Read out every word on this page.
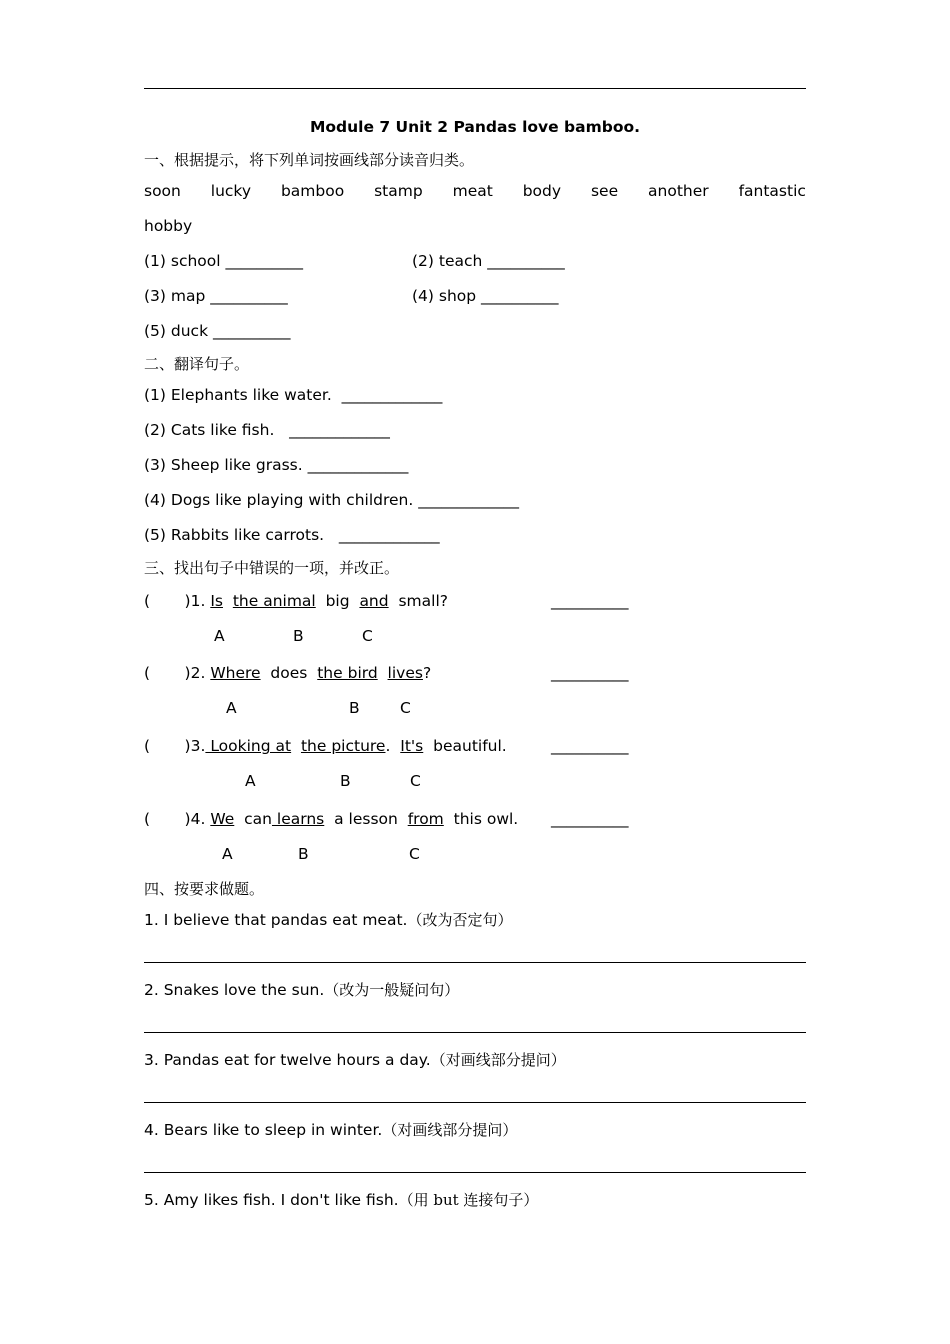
Module 7 Unit 2 Pandas love bamboo.
一、根据提示，将下列单词按画线部分读音归类。
soon lucky bamboo stamp meat body see another fantastic
hobby
(1) school __________	(2) teach __________
(3) map __________	(4) shop __________
(5) duck __________
二、翻译句子。
(1) Elephants like water.  _____________
(2) Cats like fish.   _____________
(3) Sheep like grass. _____________
(4) Dogs like playing with children. _____________
(5) Rabbits like carrots.   _____________
三、找出句子中错误的一项，并改正。
(       )1. Is the animal  big  and  small?	__________
A	B	C
(       )2. Where  does  the bird lives?	__________
A	B	C
(       )3. Looking at the picture.  It's  beautiful.	__________
A	B	C
(       )4. We  can learns  a lesson  from  this owl. __________
A	B	C
四、按要求做题。
1. I believe that pandas eat meat.（改为否定句）
2. Snakes love the sun.（改为一般疑问句）
3. Pandas eat for twelve hours a day.（对画线部分提问）
4. Bears like to sleep in winter.（对画线部分提问）
5. Amy likes fish. I don't like fish.（用 but 连接句子）
